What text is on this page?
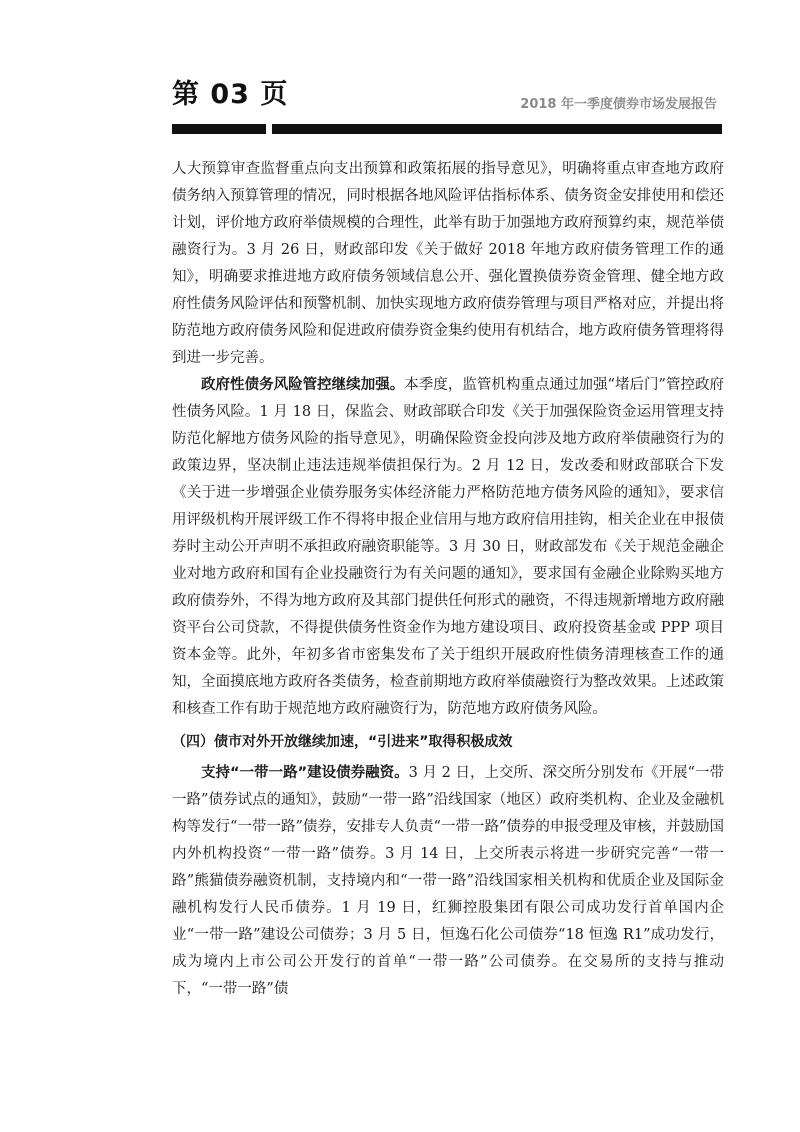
第 03 页	2018 年一季度债券市场发展报告

人大预算审查监督重点向支出预算和政策拓展的指导意见》，明确将重点审查地方政府债务纳入预算管理的情况，同时根据各地风险评估指标体系、债务资金安排使用和偿还计划，评价地方政府举债规模的合理性，此举有助于加强地方政府预算约束，规范举债融资行为。3 月 26 日，财政部印发《关于做好 2018 年地方政府债务管理工作的通知》，明确要求推进地方政府债务领域信息公开、强化置换债券资金管理、健全地方政府性债务风险评估和预警机制、加快实现地方政府债券管理与项目严格对应，并提出将防范地方政府债务风险和促进政府债券资金集约使用有机结合，地方政府债务管理将得到进一步完善。

政府性债务风险管控继续加强。本季度，监管机构重点通过加强“堵后门”管控政府性债务风险。1 月 18 日，保监会、财政部联合印发《关于加强保险资金运用管理支持防范化解地方债务风险的指导意见》，明确保险资金投向涉及地方政府举债融资行为的政策边界，坚决制止违法违规举债担保行为。2 月 12 日，发改委和财政部联合下发《关于进一步增强企业债券服务实体经济能力严格防范地方债务风险的通知》，要求信用评级机构开展评级工作不得将申报企业信用与地方政府信用挂钩，相关企业在申报债券时主动公开声明不承担政府融资职能等。3 月 30 日，财政部发布《关于规范金融企业对地方政府和国有企业投融资行为有关问题的通知》，要求国有金融企业除购买地方政府债券外，不得为地方政府及其部门提供任何形式的融资，不得违规新增地方政府融资平台公司贷款，不得提供债务性资金作为地方建设项目、政府投资基金或 PPP 项目资本金等。此外，年初多省市密集发布了关于组织开展政府性债务清理核查工作的通知，全面摸底地方政府各类债务，检查前期地方政府举债融资行为整改效果。上述政策和核查工作有助于规范地方政府融资行为，防范地方政府债务风险。

（四）债市对外开放继续加速，“引进来”取得积极成效

支持“一带一路”建设债券融资。3 月 2 日，上交所、深交所分别发布《开展“一带一路”债券试点的通知》，鼓励“一带一路”沿线国家（地区）政府类机构、企业及金融机构等发行“一带一路”债券，安排专人负责“一带一路”债券的申报受理及审核，并鼓励国内外机构投资“一带一路”债券。3 月 14 日，上交所表示将进一步研究完善“一带一路”熊猫债券融资机制，支持境内和“一带一路”沿线国家相关机构和优质企业及国际金融机构发行人民币债券。1 月 19 日，红狮控股集团有限公司成功发行首单国内企业“一带一路”建设公司债券；3 月 5 日，恒逸石化公司债券“18 恒逸 R1”成功发行，成为境内上市公司公开发行的首单“一带一路”公司债券。在交易所的支持与推动下，“一带一路”债
